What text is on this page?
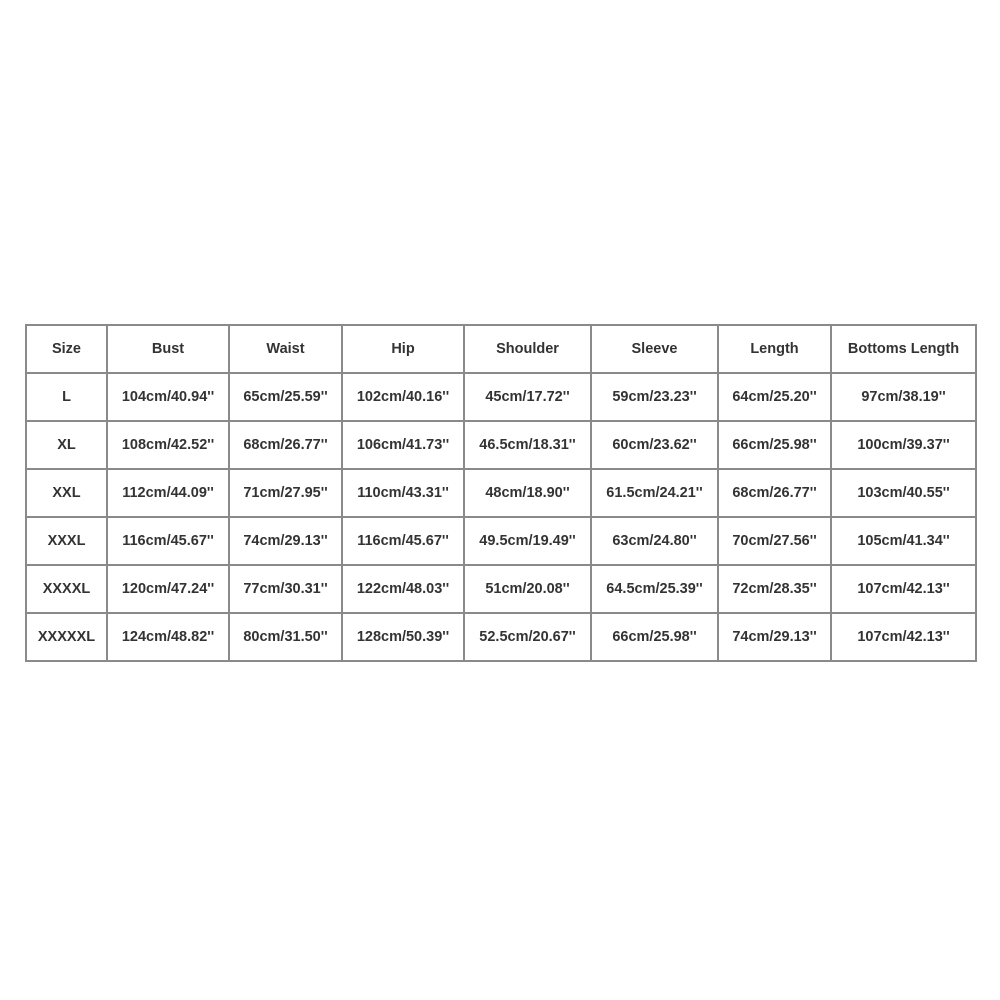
Size	Bust	Waist	Hip	Shoulder	Sleeve	Length	Bottoms Length
L	104cm/40.94''	65cm/25.59''	102cm/40.16''	45cm/17.72''	59cm/23.23''	64cm/25.20''	97cm/38.19''
XL	108cm/42.52''	68cm/26.77''	106cm/41.73''	46.5cm/18.31''	60cm/23.62''	66cm/25.98''	100cm/39.37''
XXL	112cm/44.09''	71cm/27.95''	110cm/43.31''	48cm/18.90''	61.5cm/24.21''	68cm/26.77''	103cm/40.55''
XXXL	116cm/45.67''	74cm/29.13''	116cm/45.67''	49.5cm/19.49''	63cm/24.80''	70cm/27.56''	105cm/41.34''
XXXXL	120cm/47.24''	77cm/30.31''	122cm/48.03''	51cm/20.08''	64.5cm/25.39''	72cm/28.35''	107cm/42.13''
XXXXXL	124cm/48.82''	80cm/31.50''	128cm/50.39''	52.5cm/20.67''	66cm/25.98''	74cm/29.13''	107cm/42.13''
